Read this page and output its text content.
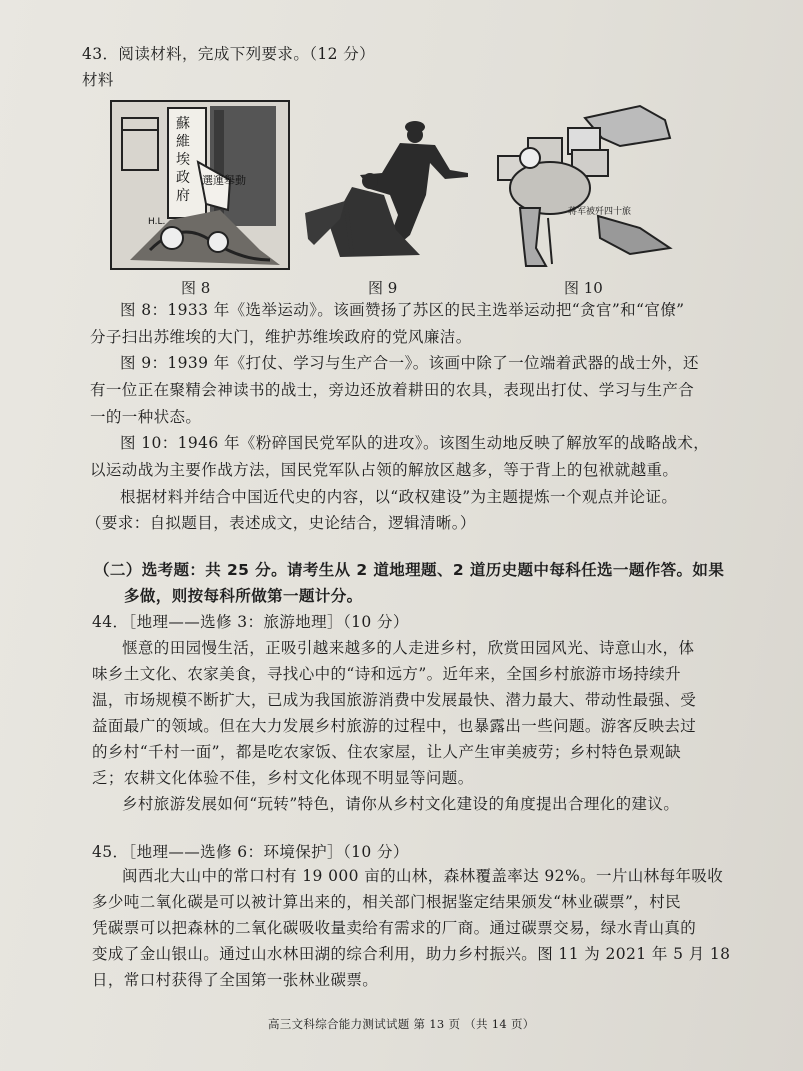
43．阅读材料，完成下列要求。（12 分）
材料
蘇
維
埃
政
府
選運舉動
H.L.
蒋军被歼四十旅
图 8	图 9	图 10
图 8：1933 年《选举运动》。该画赞扬了苏区的民主选举运动把“贪官”和“官僚”
分子扫出苏维埃的大门，维护苏维埃政府的党风廉洁。
图 9：1939 年《打仗、学习与生产合一》。该画中除了一位端着武器的战士外，还
有一位正在聚精会神读书的战士，旁边还放着耕田的农具，表现出打仗、学习与生产合
一的一种状态。
图 10：1946 年《粉碎国民党军队的进攻》。该图生动地反映了解放军的战略战术，
以运动战为主要作战方法，国民党军队占领的解放区越多，等于背上的包袱就越重。
根据材料并结合中国近代史的内容，以“政权建设”为主题提炼一个观点并论证。
（要求：自拟题目，表述成文，史论结合，逻辑清晰。）
（二）选考题：共 25 分。请考生从 2 道地理题、2 道历史题中每科任选一题作答。如果
多做，则按每科所做第一题计分。
44．［地理——选修 3：旅游地理］（10 分）
惬意的田园慢生活，正吸引越来越多的人走进乡村，欣赏田园风光、诗意山水，体
味乡土文化、农家美食，寻找心中的“诗和远方”。近年来，全国乡村旅游市场持续升
温，市场规模不断扩大，已成为我国旅游消费中发展最快、潜力最大、带动性最强、受
益面最广的领域。但在大力发展乡村旅游的过程中，也暴露出一些问题。游客反映去过
的乡村“千村一面”，都是吃农家饭、住农家屋，让人产生审美疲劳；乡村特色景观缺
乏；农耕文化体验不佳，乡村文化体现不明显等问题。
乡村旅游发展如何“玩转”特色，请你从乡村文化建设的角度提出合理化的建议。
45．［地理——选修 6：环境保护］（10 分）
闽西北大山中的常口村有 19 000 亩的山林，森林覆盖率达 92%。一片山林每年吸收
多少吨二氧化碳是可以被计算出来的，相关部门根据鉴定结果颁发“林业碳票”，村民
凭碳票可以把森林的二氧化碳吸收量卖给有需求的厂商。通过碳票交易，绿水青山真的
变成了金山银山。通过山水林田湖的综合利用，助力乡村振兴。图 11 为 2021 年 5 月 18
日，常口村获得了全国第一张林业碳票。
高三文科综合能力测试试题 第 13 页 （共 14 页）
